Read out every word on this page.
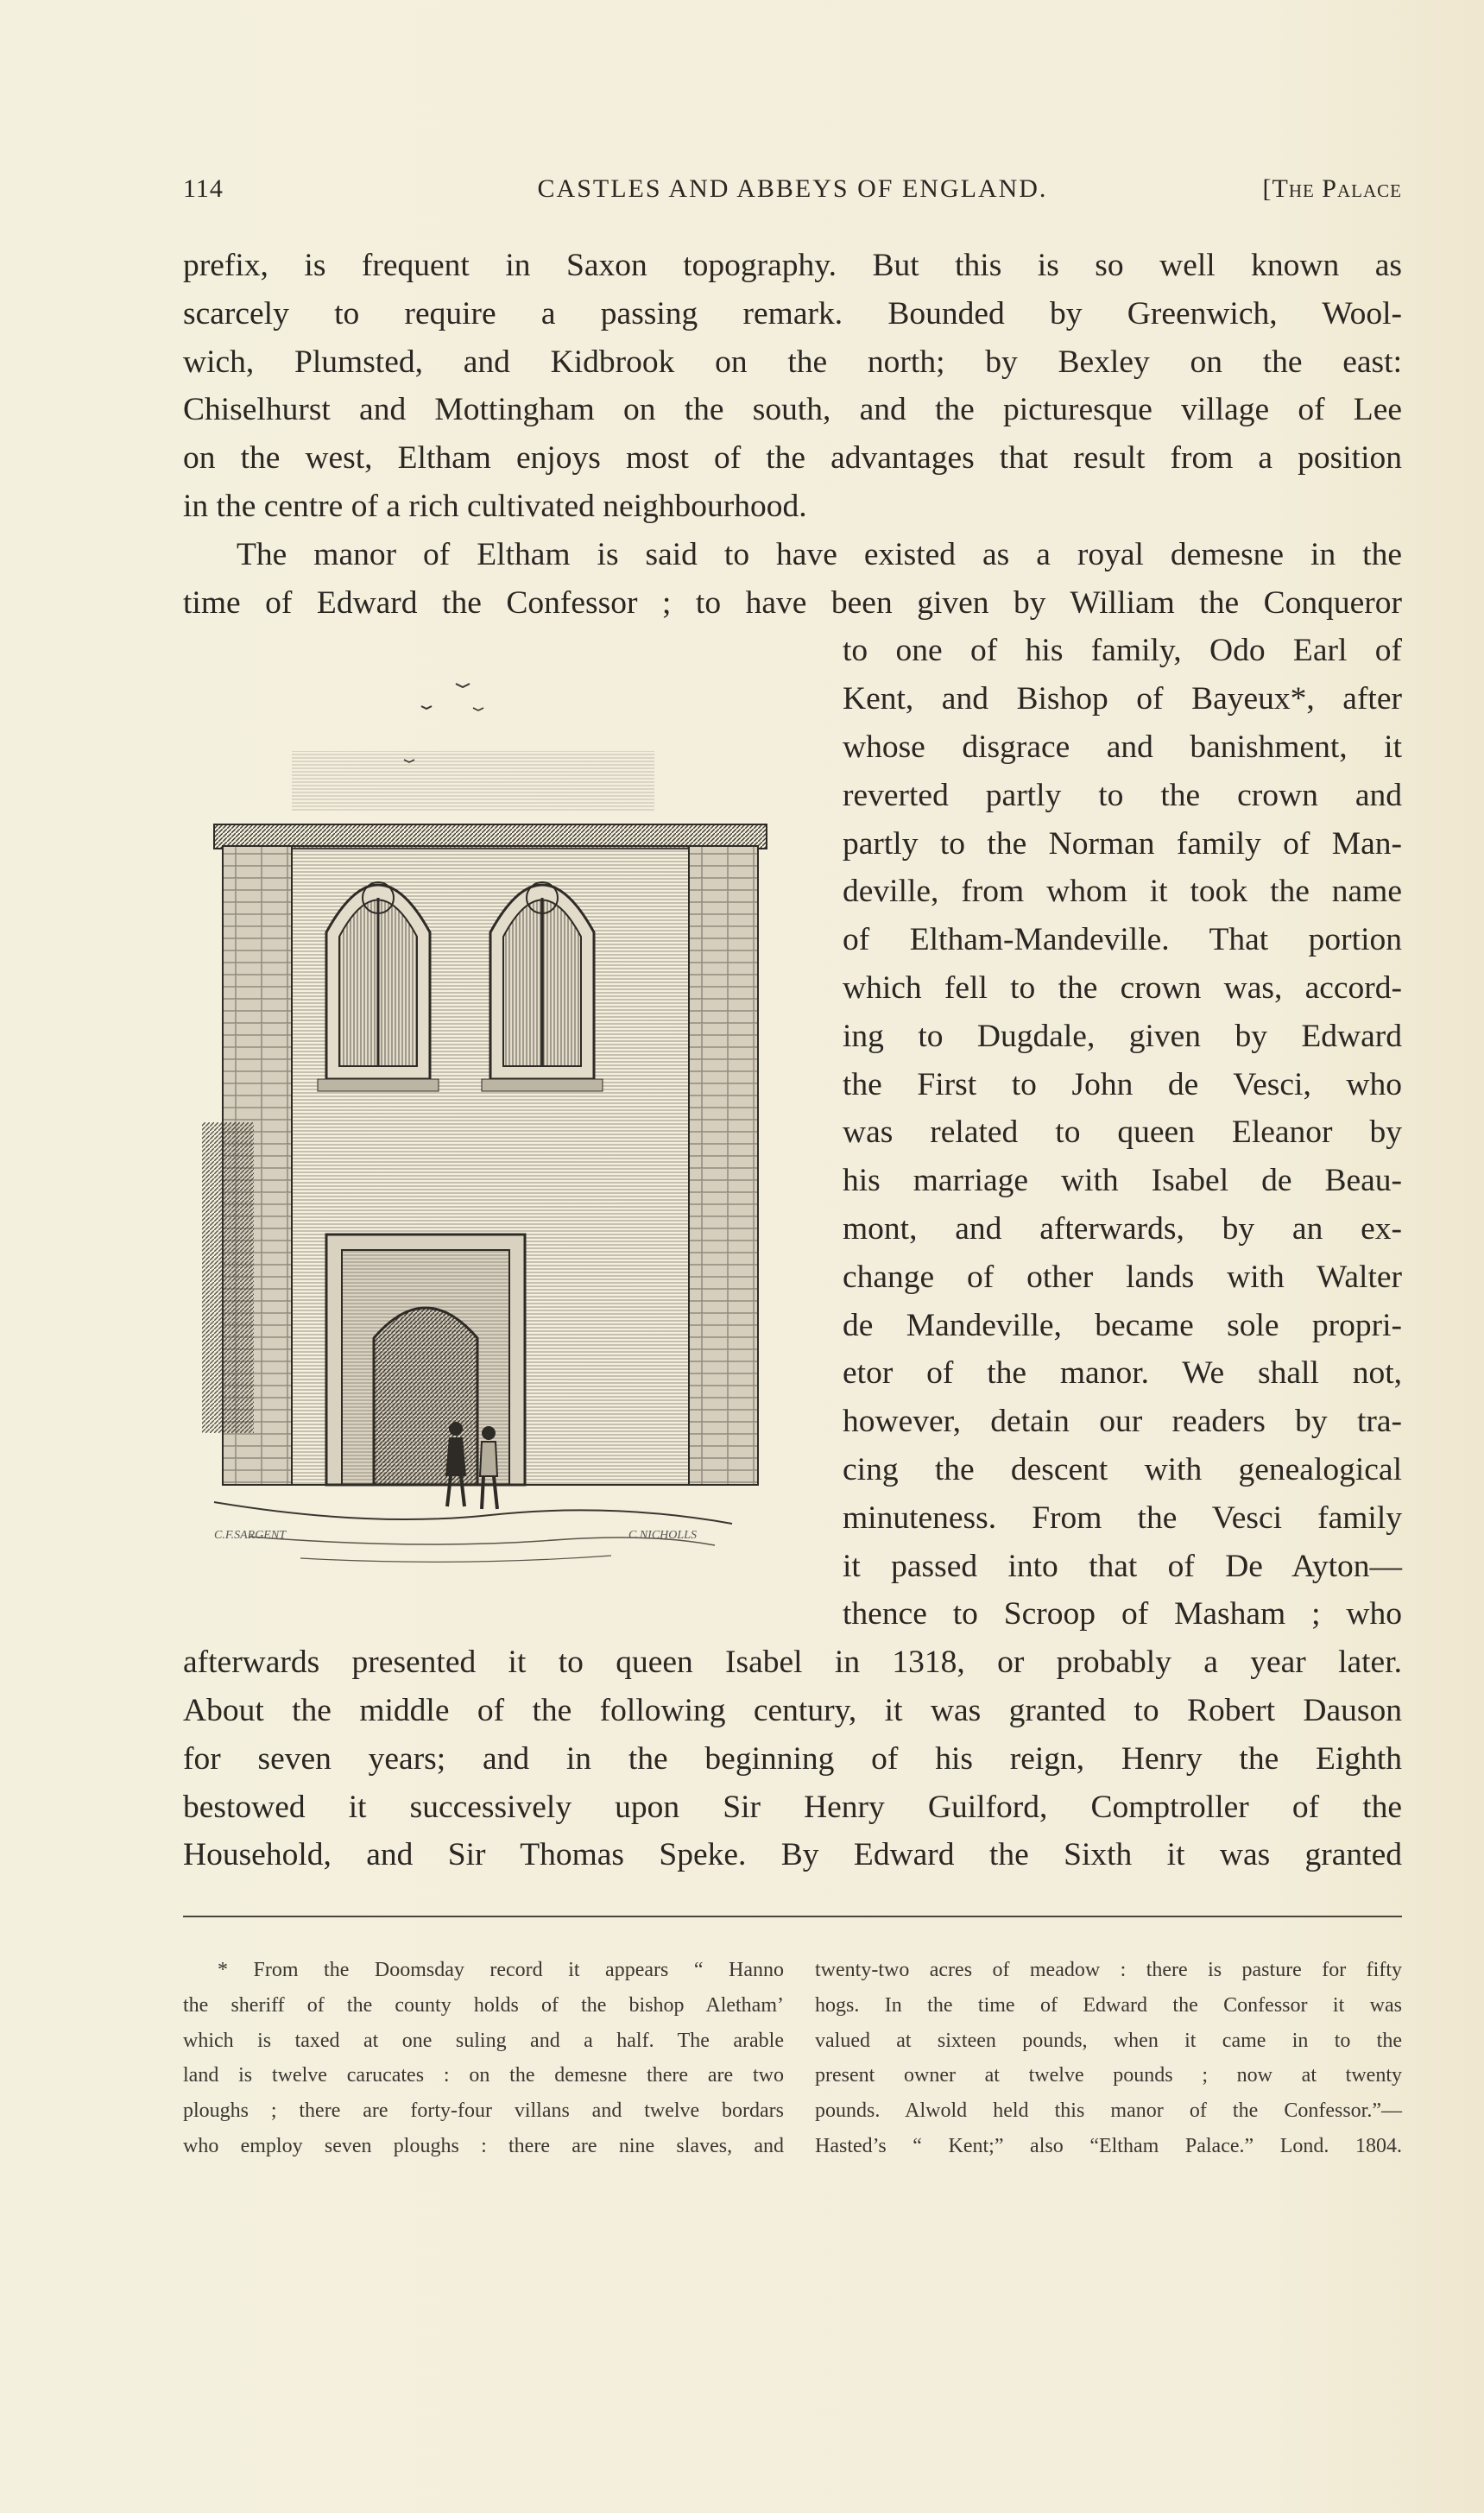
114	CASTLES AND ABBEYS OF ENGLAND.	[The Palace
prefix, is frequent in Saxon topography. But this is so well known as
scarcely to require a passing remark. Bounded by Greenwich, Wool-
wich, Plumsted, and Kidbrook on the north; by Bexley on the east:
Chiselhurst and Mottingham on the south, and the picturesque village of Lee
on the west, Eltham enjoys most of the advantages that result from a position
in the centre of a rich cultivated neighbourhood.
The manor of Eltham is said to have existed as a royal demesne in the
time of Edward the Confessor ; to have been given by William the Conqueror
to one of his family, Odo Earl of
Kent, and Bishop of Bayeux*, after
whose disgrace and banishment, it
reverted partly to the crown and
partly to the Norman family of Man-
deville, from whom it took the name
of Eltham-Mandeville. That portion
which fell to the crown was, accord-
ing to Dugdale, given by Edward
the First to John de Vesci, who
was related to queen Eleanor by
his marriage with Isabel de Beau-
mont, and afterwards, by an ex-
change of other lands with Walter
de Mandeville, became sole propri-
etor of the manor. We shall not,
however, detain our readers by tra-
cing the descent with genealogical
minuteness. From the Vesci family
it passed into that of De Ayton—
thence to Scroop of Masham ; who
afterwards presented it to queen Isabel in 1318, or probably a year later.
About the middle of the following century, it was granted to Robert Dauson
for seven years; and in the beginning of his reign, Henry the Eighth
bestowed it successively upon Sir Henry Guilford, Comptroller of the
Household, and Sir Thomas Speke. By Edward the Sixth it was granted
C.F.SARGENT	C.NICHOLLS
* From the Doomsday record it appears “ Hanno
the sheriff of the county holds of the bishop Aletham’
which is taxed at one suling and a half. The arable
land is twelve carucates : on the demesne there are two
ploughs ; there are forty-four villans and twelve bordars
who employ seven ploughs : there are nine slaves, and
twenty-two acres of meadow : there is pasture for fifty
hogs. In the time of Edward the Confessor it was
valued at sixteen pounds, when it came in to the
present owner at twelve pounds ; now at twenty
pounds. Alwold held this manor of the Confessor.”—
Hasted’s “ Kent;” also “Eltham Palace.” Lond. 1804.
